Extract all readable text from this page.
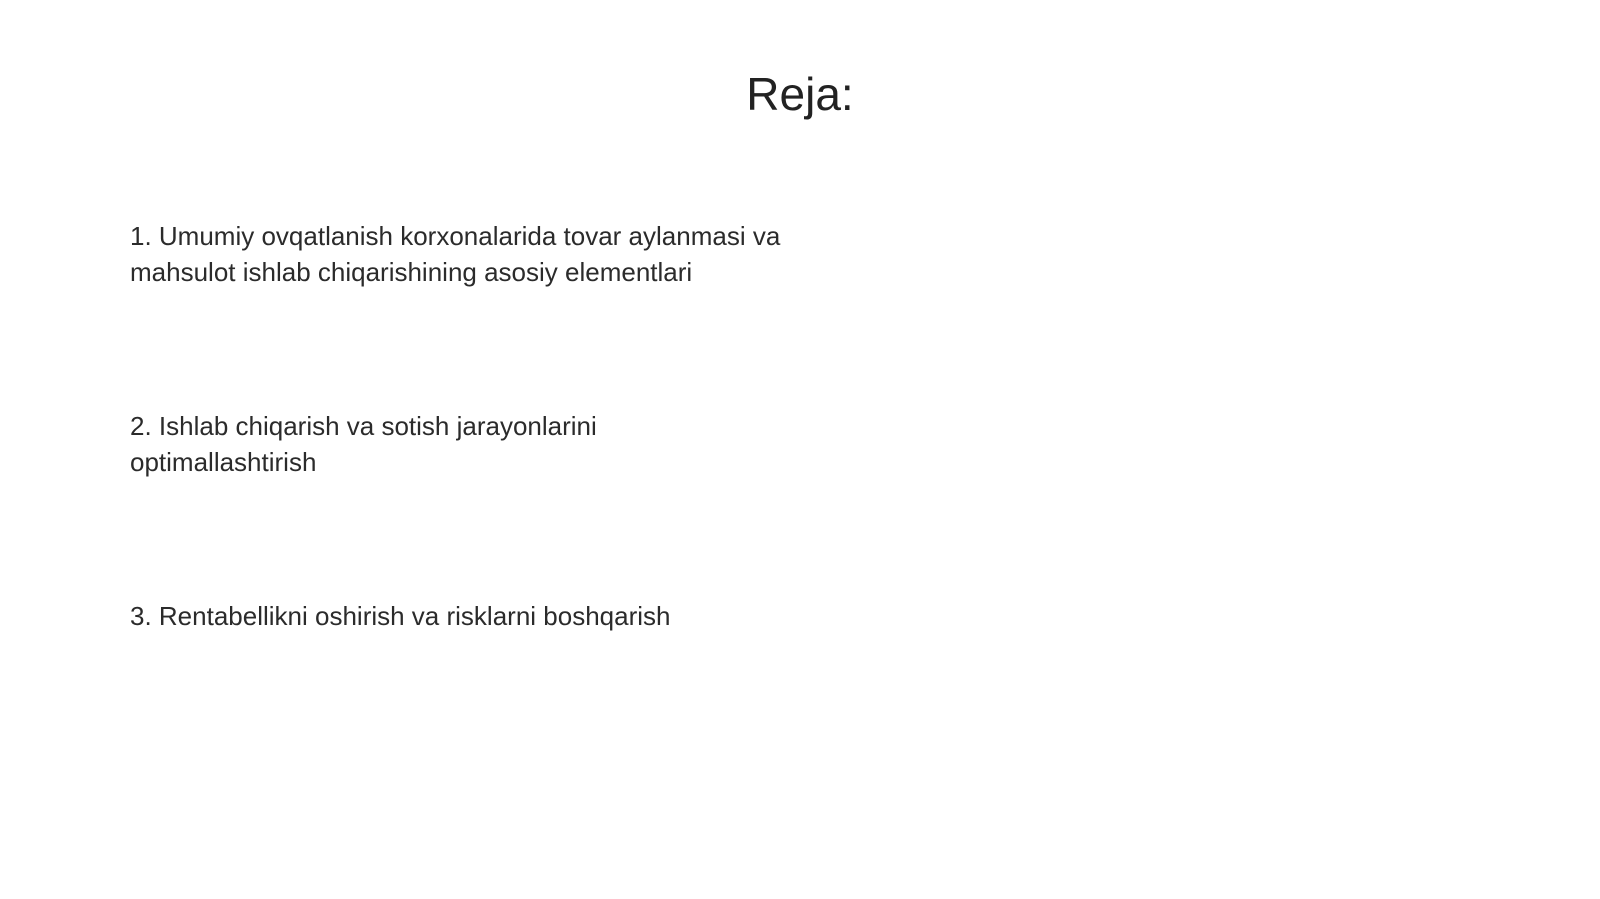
Reja:
1. Umumiy ovqatlanish korxonalarida tovar aylanmasi va mahsulot ishlab chiqarishining asosiy elementlari
2. Ishlab chiqarish va sotish jarayonlarini optimallashtirish
3. Rentabellikni oshirish va risklarni boshqarish
